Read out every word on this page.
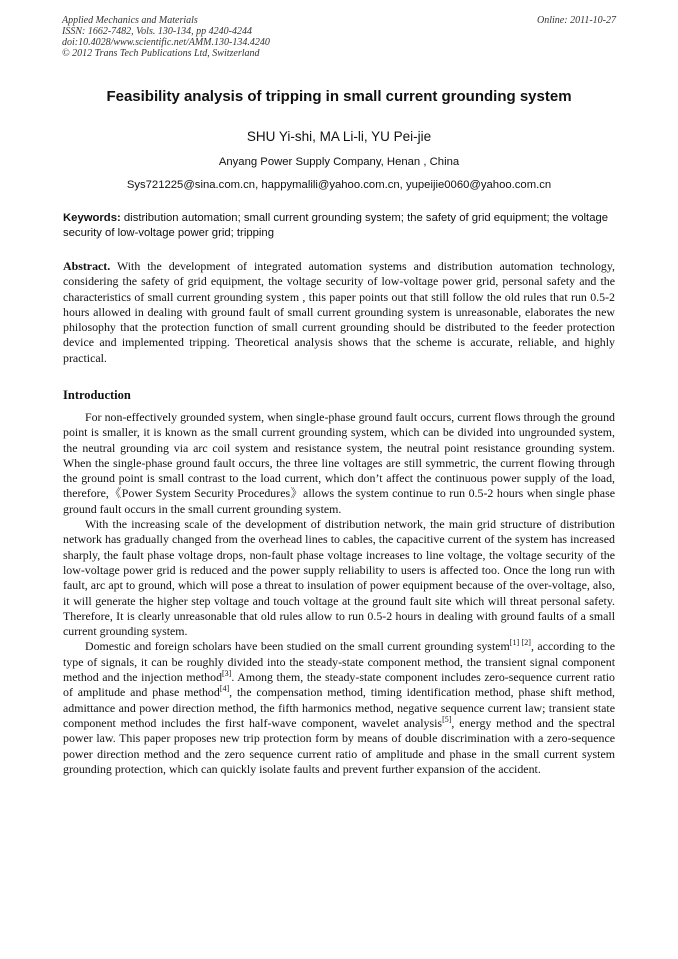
Applied Mechanics and Materials
ISSN: 1662-7482, Vols. 130-134, pp 4240-4244
doi:10.4028/www.scientific.net/AMM.130-134.4240
© 2012 Trans Tech Publications Ltd, Switzerland
Online: 2011-10-27
Feasibility analysis of tripping in small current grounding system
SHU Yi-shi, MA Li-li, YU Pei-jie
Anyang Power Supply Company, Henan , China
Sys721225@sina.com.cn, happymalili@yahoo.com.cn, yupeijie0060@yahoo.com.cn
Keywords: distribution automation; small current grounding system; the safety of grid equipment; the voltage security of low-voltage power grid; tripping
Abstract. With the development of integrated automation systems and distribution automation technology, considering the safety of grid equipment, the voltage security of low-voltage power grid, personal safety and the characteristics of small current grounding system , this paper points out that still follow the old rules that run 0.5-2 hours allowed in dealing with ground fault of small current grounding system is unreasonable, elaborates the new philosophy that the protection function of small current grounding should be distributed to the feeder protection device and implemented tripping. Theoretical analysis shows that the scheme is accurate, reliable, and highly practical.
Introduction

For non-effectively grounded system, when single-phase ground fault occurs, current flows through the ground point is smaller, it is known as the small current grounding system, which can be divided into ungrounded system, the neutral grounding via arc coil system and resistance system, the neutral point resistance grounding system. When the single-phase ground fault occurs, the three line voltages are still symmetric, the current flowing through the ground point is small contrast to the load current, which don’t affect the continuous power supply of the load, therefore,《Power System Security Procedures》allows the system continue to run 0.5-2 hours when single phase ground fault occurs in the small current grounding system.

With the increasing scale of the development of distribution network, the main grid structure of distribution network has gradually changed from the overhead lines to cables, the capacitive current of the system has increased sharply, the fault phase voltage drops, non-fault phase voltage increases to line voltage, the voltage security of the low-voltage power grid is reduced and the power supply reliability to users is affected too. Once the long run with fault, arc apt to ground, which will pose a threat to insulation of power equipment because of the over-voltage, also, it will generate the higher step voltage and touch voltage at the ground fault site which will threat personal safety. Therefore, It is clearly unreasonable that old rules allow to run 0.5-2 hours in dealing with ground faults of a small current grounding system.

Domestic and foreign scholars have been studied on the small current grounding system[1] [2], according to the type of signals, it can be roughly divided into the steady-state component method, the transient signal component method and the injection method[3]. Among them, the steady-state component includes zero-sequence current ratio of amplitude and phase method[4], the compensation method, timing identification method, phase shift method, admittance and power direction method, the fifth harmonics method, negative sequence current law; transient state component method includes the first half-wave component, wavelet analysis[5], energy method and the spectral power law. This paper proposes new trip protection form by means of double discrimination with a zero-sequence power direction method and the zero sequence current ratio of amplitude and phase in the small current system grounding protection, which can quickly isolate faults and prevent further expansion of the accident.
